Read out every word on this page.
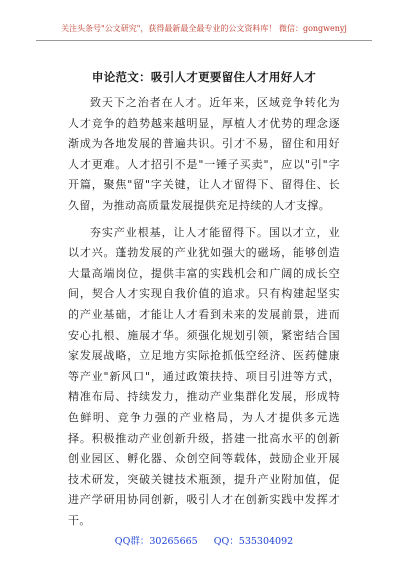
关注头条号"公文研究"，获得最新最全最专业的公文资料库！ 微信：gongwenyj
申论范文：吸引人才更要留住人才用好人才

致天下之治者在人才。近年来，区域竞争转化为人才竞争的趋势越来越明显，厚植人才优势的理念逐渐成为各地发展的普遍共识。引才不易，留住和用好人才更难。人才招引不是"一锤子买卖"，应以"引"字开篇，聚焦"留"字关键，让人才留得下、留得住、长久留，为推动高质量发展提供充足持续的人才支撑。

夯实产业根基，让人才能留得下。国以才立，业以才兴。蓬勃发展的产业犹如强大的磁场，能够创造大量高端岗位，提供丰富的实践机会和广阔的成长空间，契合人才实现自我价值的追求。只有构建起坚实的产业基础，才能让人才看到未来的发展前景，进而安心扎根、施展才华。须强化规划引领，紧密结合国家发展战略，立足地方实际抢抓低空经济、医药健康等产业"新风口"，通过政策扶持、项目引进等方式，精准布局、持续发力，推动产业集群化发展，形成特色鲜明、竞争力强的产业格局，为人才提供多元选择。积极推动产业创新升级，搭建一批高水平的创新创业园区、孵化器、众创空间等载体，鼓励企业开展技术研发，突破关键技术瓶颈，提升产业附加值，促进产学研用协同创新，吸引人才在创新实践中发挥才干。

QQ群：30265665 QQ：535304092
